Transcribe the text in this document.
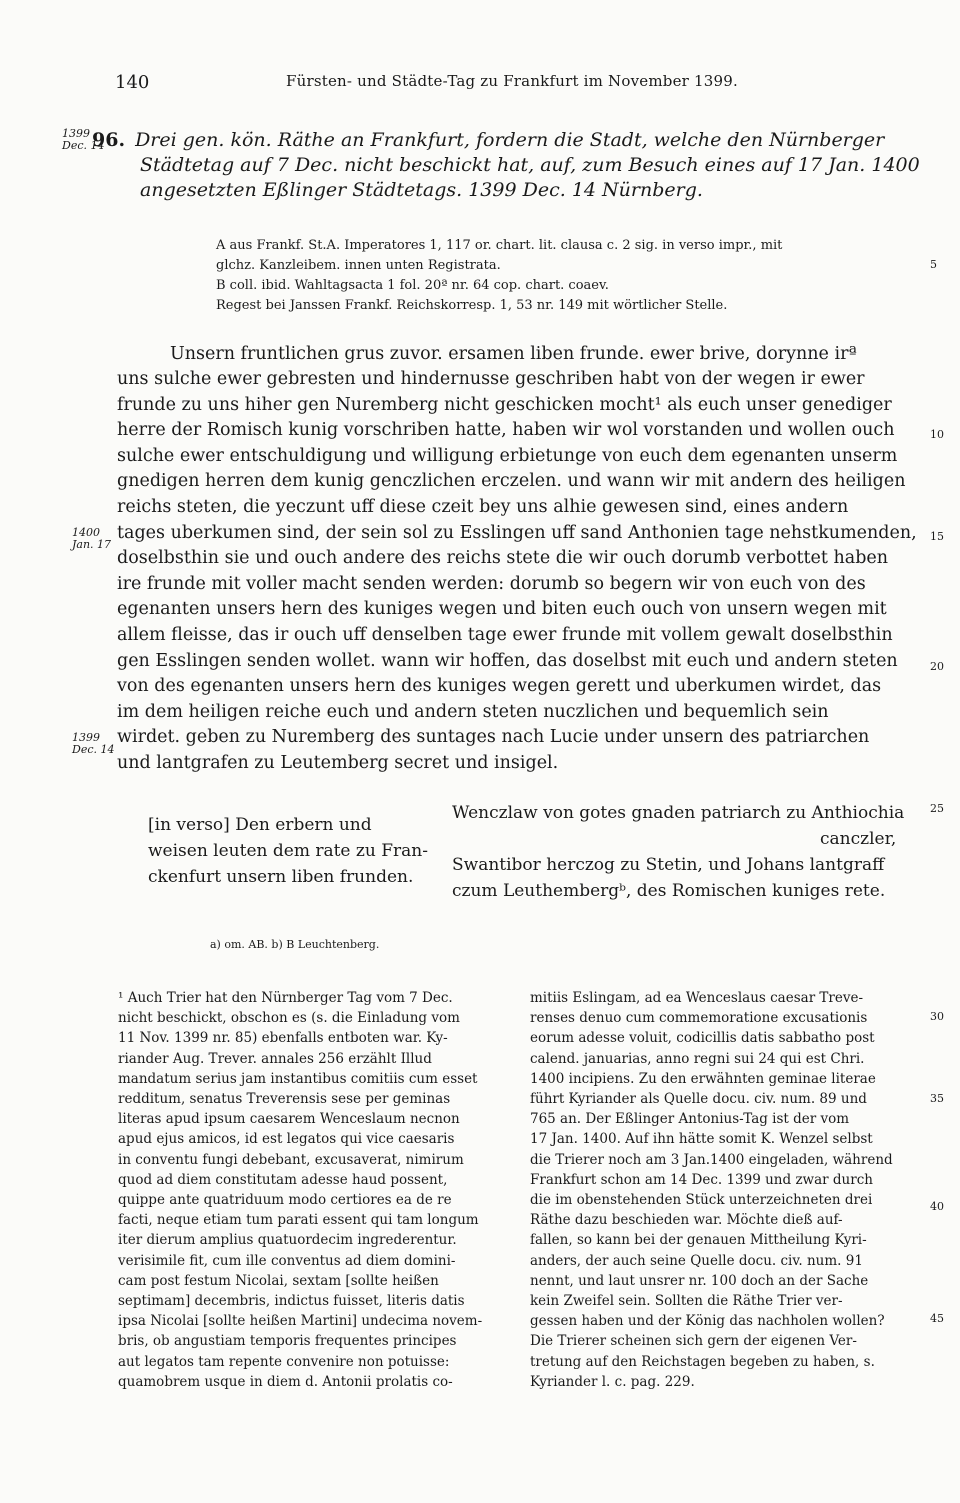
140	Fürsten- und Städte-Tag zu Frankfurt im November 1399.
1399
Dec. 14
96. Drei gen. kön. Räthe an Frankfurt, fordern die Stadt, welche den Nürnberger
Städtetag auf 7 Dec. nicht beschickt hat, auf, zum Besuch eines auf 17 Jan. 1400
angesetzten Eßlinger Städtetags. 1399 Dec. 14 Nürnberg.
A aus Frankf. St.A. Imperatores 1, 117 or. chart. lit. clausa c. 2 sig. in verso impr., mit
glchz. Kanzleibem. innen unten Registrata.
B coll. ibid. Wahltagsacta 1 fol. 20ª nr. 64 cop. chart. coaev.
Regest bei Janssen Frankf. Reichskorresp. 1, 53 nr. 149 mit wörtlicher Stelle.
5
Unsern fruntlichen grus zuvor. ersamen liben frunde. ewer brive, dorynne irª
uns sulche ewer gebresten und hindernusse geschriben habt von der wegen ir ewer
frunde zu uns hiher gen Nuremberg nicht geschicken mocht¹ als euch unser genediger
herre der Romisch kunig vorschriben hatte, haben wir wol vorstanden und wollen ouch
sulche ewer entschuldigung und willigung erbietunge von euch dem egenanten unserm
gnedigen herren dem kunig genczlichen erczelen. und wann wir mit andern des heiligen
reichs steten, die yeczunt uff diese czeit bey uns alhie gewesen sind, eines andern
tages uberkumen sind, der sein sol zu Esslingen uff sand Anthonien tage nehstkumenden,
doselbsthin sie und ouch andere des reichs stete die wir ouch dorumb verbottet haben
ire frunde mit voller macht senden werden: dorumb so begern wir von euch von des
egenanten unsers hern des kuniges wegen und biten euch ouch von unsern wegen mit
allem fleisse, das ir ouch uff denselben tage ewer frunde mit vollem gewalt doselbsthin
gen Esslingen senden wollet. wann wir hoffen, das doselbst mit euch und andern steten
von des egenanten unsers hern des kuniges wegen gerett und uberkumen wirdet, das
im dem heiligen reiche euch und andern steten nuczlichen und bequemlich sein
wirdet. geben zu Nuremberg des suntages nach Lucie under unsern des patriarchen
und lantgrafen zu Leutemberg secret und insigel.
10
15
20
25
1400
Jan. 17
1399
Dec. 14
[in verso] Den erbern und
weisen leuten dem rate zu Fran-
ckenfurt unsern liben frunden.
Wenczlaw von gotes gnaden patriarch zu Anthiochia
canczler,
Swantibor herczog zu Stetin, und Johans lantgraff
czum Leuthembergᵇ, des Romischen kuniges rete.
a) om. AB. b) B Leuchtenberg.
¹ Auch Trier hat den Nürnberger Tag vom 7 Dec.
nicht beschickt, obschon es (s. die Einladung vom
11 Nov. 1399 nr. 85) ebenfalls entboten war. Ky-
riander Aug. Trever. annales 256 erzählt Illud
mandatum serius jam instantibus comitiis cum esset
redditum, senatus Treverensis sese per geminas
literas apud ipsum caesarem Wenceslaum necnon
apud ejus amicos, id est legatos qui vice caesaris
in conventu fungi debebant, excusaverat, nimirum
quod ad diem constitutam adesse haud possent,
quippe ante quatriduum modo certiores ea de re
facti, neque etiam tum parati essent qui tam longum
iter dierum amplius quatuordecim ingrederentur.
verisimile fit, cum ille conventus ad diem domini-
cam post festum Nicolai, sextam [sollte heißen
septimam] decembris, indictus fuisset, literis datis
ipsa Nicolai [sollte heißen Martini] undecima novem-
bris, ob angustiam temporis frequentes principes
aut legatos tam repente convenire non potuisse:
quamobrem usque in diem d. Antonii prolatis co-
mitiis Eslingam, ad ea Wenceslaus caesar Treve-
renses denuo cum commemoratione excusationis
eorum adesse voluit, codicillis datis sabbatho post
calend. januarias, anno regni sui 24 qui est Chri.
1400 incipiens. Zu den erwähnten geminae literae
führt Kyriander als Quelle docu. civ. num. 89 und
765 an. Der Eßlinger Antonius-Tag ist der vom
17 Jan. 1400. Auf ihn hätte somit K. Wenzel selbst
die Trierer noch am 3 Jan.1400 eingeladen, während
Frankfurt schon am 14 Dec. 1399 und zwar durch
die im obenstehenden Stück unterzeichneten drei
Räthe dazu beschieden war. Möchte dieß auf-
fallen, so kann bei der genauen Mittheilung Kyri-
anders, der auch seine Quelle docu. civ. num. 91
nennt, und laut unsrer nr. 100 doch an der Sache
kein Zweifel sein. Sollten die Räthe Trier ver-
gessen haben und der König das nachholen wollen?
Die Trierer scheinen sich gern der eigenen Ver-
tretung auf den Reichstagen begeben zu haben, s.
Kyriander l. c. pag. 229.
30
35
40
45
